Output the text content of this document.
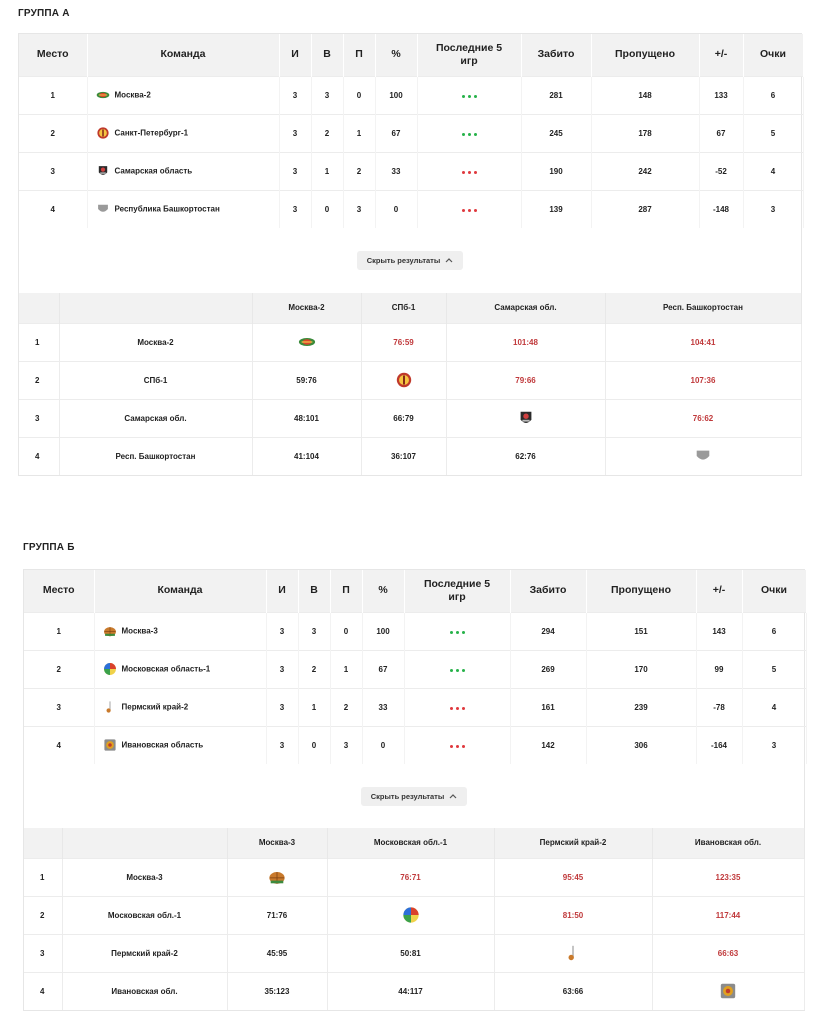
ГРУППА А
Место	Команда	И	В	П	%	Последние 5 игр	Забито	Пропущено	+/-	Очки
1	Москва-2	3	3	0	100		281	148	133	6
2	Санкт-Петербург-1	3	2	1	67		245	178	67	5
3	Самарская область	3	1	2	33		190	242	-52	4
4	Республика Башкортостан	3	0	3	0		139	287	-148	3
Скрыть результаты
		Москва-2	СПб-1	Самарская обл.	Респ. Башкортостан
1	Москва-2		76:59	101:48	104:41
2	СПб-1	59:76		79:66	107:36
3	Самарская обл.	48:101	66:79		76:62
4	Респ. Башкортостан	41:104	36:107	62:76	
ГРУППА Б
Место	Команда	И	В	П	%	Последние 5 игр	Забито	Пропущено	+/-	Очки
1	Москва-3	3	3	0	100		294	151	143	6
2	Московская область-1	3	2	1	67		269	170	99	5
3	Пермский край-2	3	1	2	33		161	239	-78	4
4	Ивановская область	3	0	3	0		142	306	-164	3
Скрыть результаты
		Москва-3	Московская обл.-1	Пермский край-2	Ивановская обл.
1	Москва-3		76:71	95:45	123:35
2	Московская обл.-1	71:76		81:50	117:44
3	Пермский край-2	45:95	50:81		66:63
4	Ивановская обл.	35:123	44:117	63:66	
